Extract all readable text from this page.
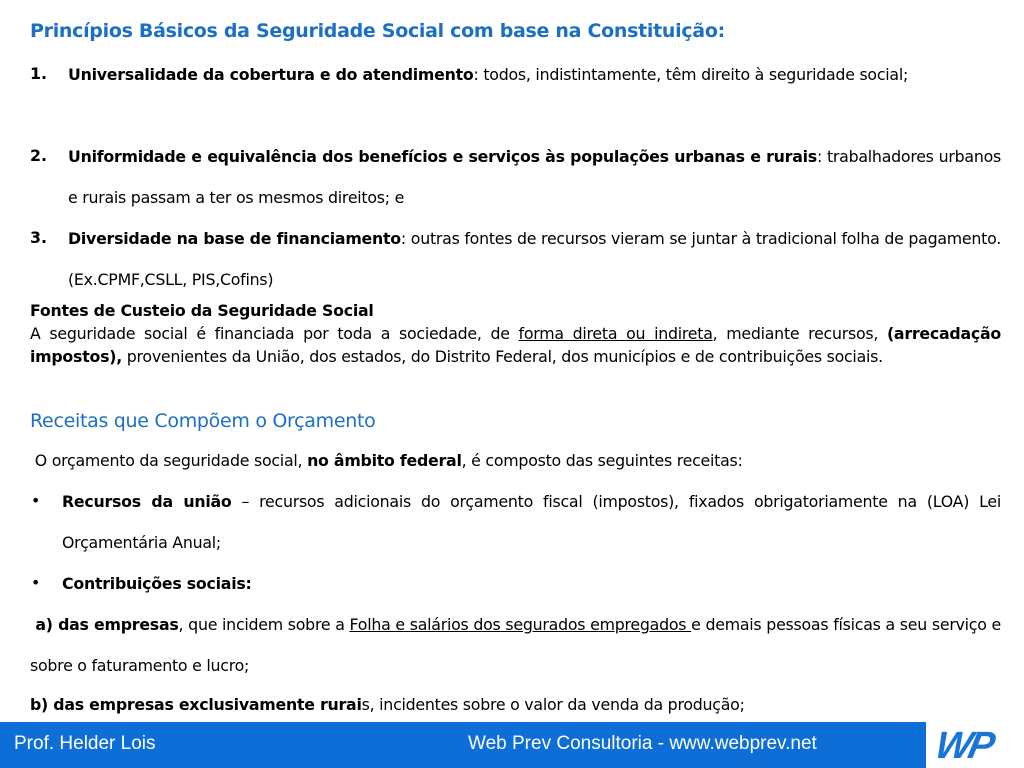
Princípios Básicos da Seguridade Social com base na Constituição:
1. Universalidade da cobertura e do atendimento: todos, indistintamente, têm direito à seguridade social;
2. Uniformidade e equivalência dos benefícios e serviços às populações urbanas e rurais: trabalhadores urbanos e rurais passam a ter os mesmos direitos; e
3. Diversidade na base de financiamento: outras fontes de recursos vieram se juntar à tradicional folha de pagamento.(Ex.CPMF,CSLL, PIS,Cofins)
Fontes de Custeio da Seguridade Social
A seguridade social é financiada por toda a sociedade, de forma direta ou indireta, mediante recursos, (arrecadação impostos), provenientes da União, dos estados, do Distrito Federal, dos municípios e de contribuições sociais.
Receitas que Compõem o Orçamento
O orçamento da seguridade social, no âmbito federal, é composto das seguintes receitas:
• Recursos da união – recursos adicionais do orçamento fiscal (impostos), fixados obrigatoriamente na (LOA) Lei Orçamentária Anual;
• Contribuições sociais:
a) das empresas, que incidem sobre a Folha e salários dos segurados empregados e demais pessoas físicas a seu serviço e sobre o faturamento e lucro;
b) das empresas exclusivamente rurais, incidentes sobre o valor da venda da produção;
Prof. Helder Lois	Web Prev Consultoria - www.webprev.net	WP
